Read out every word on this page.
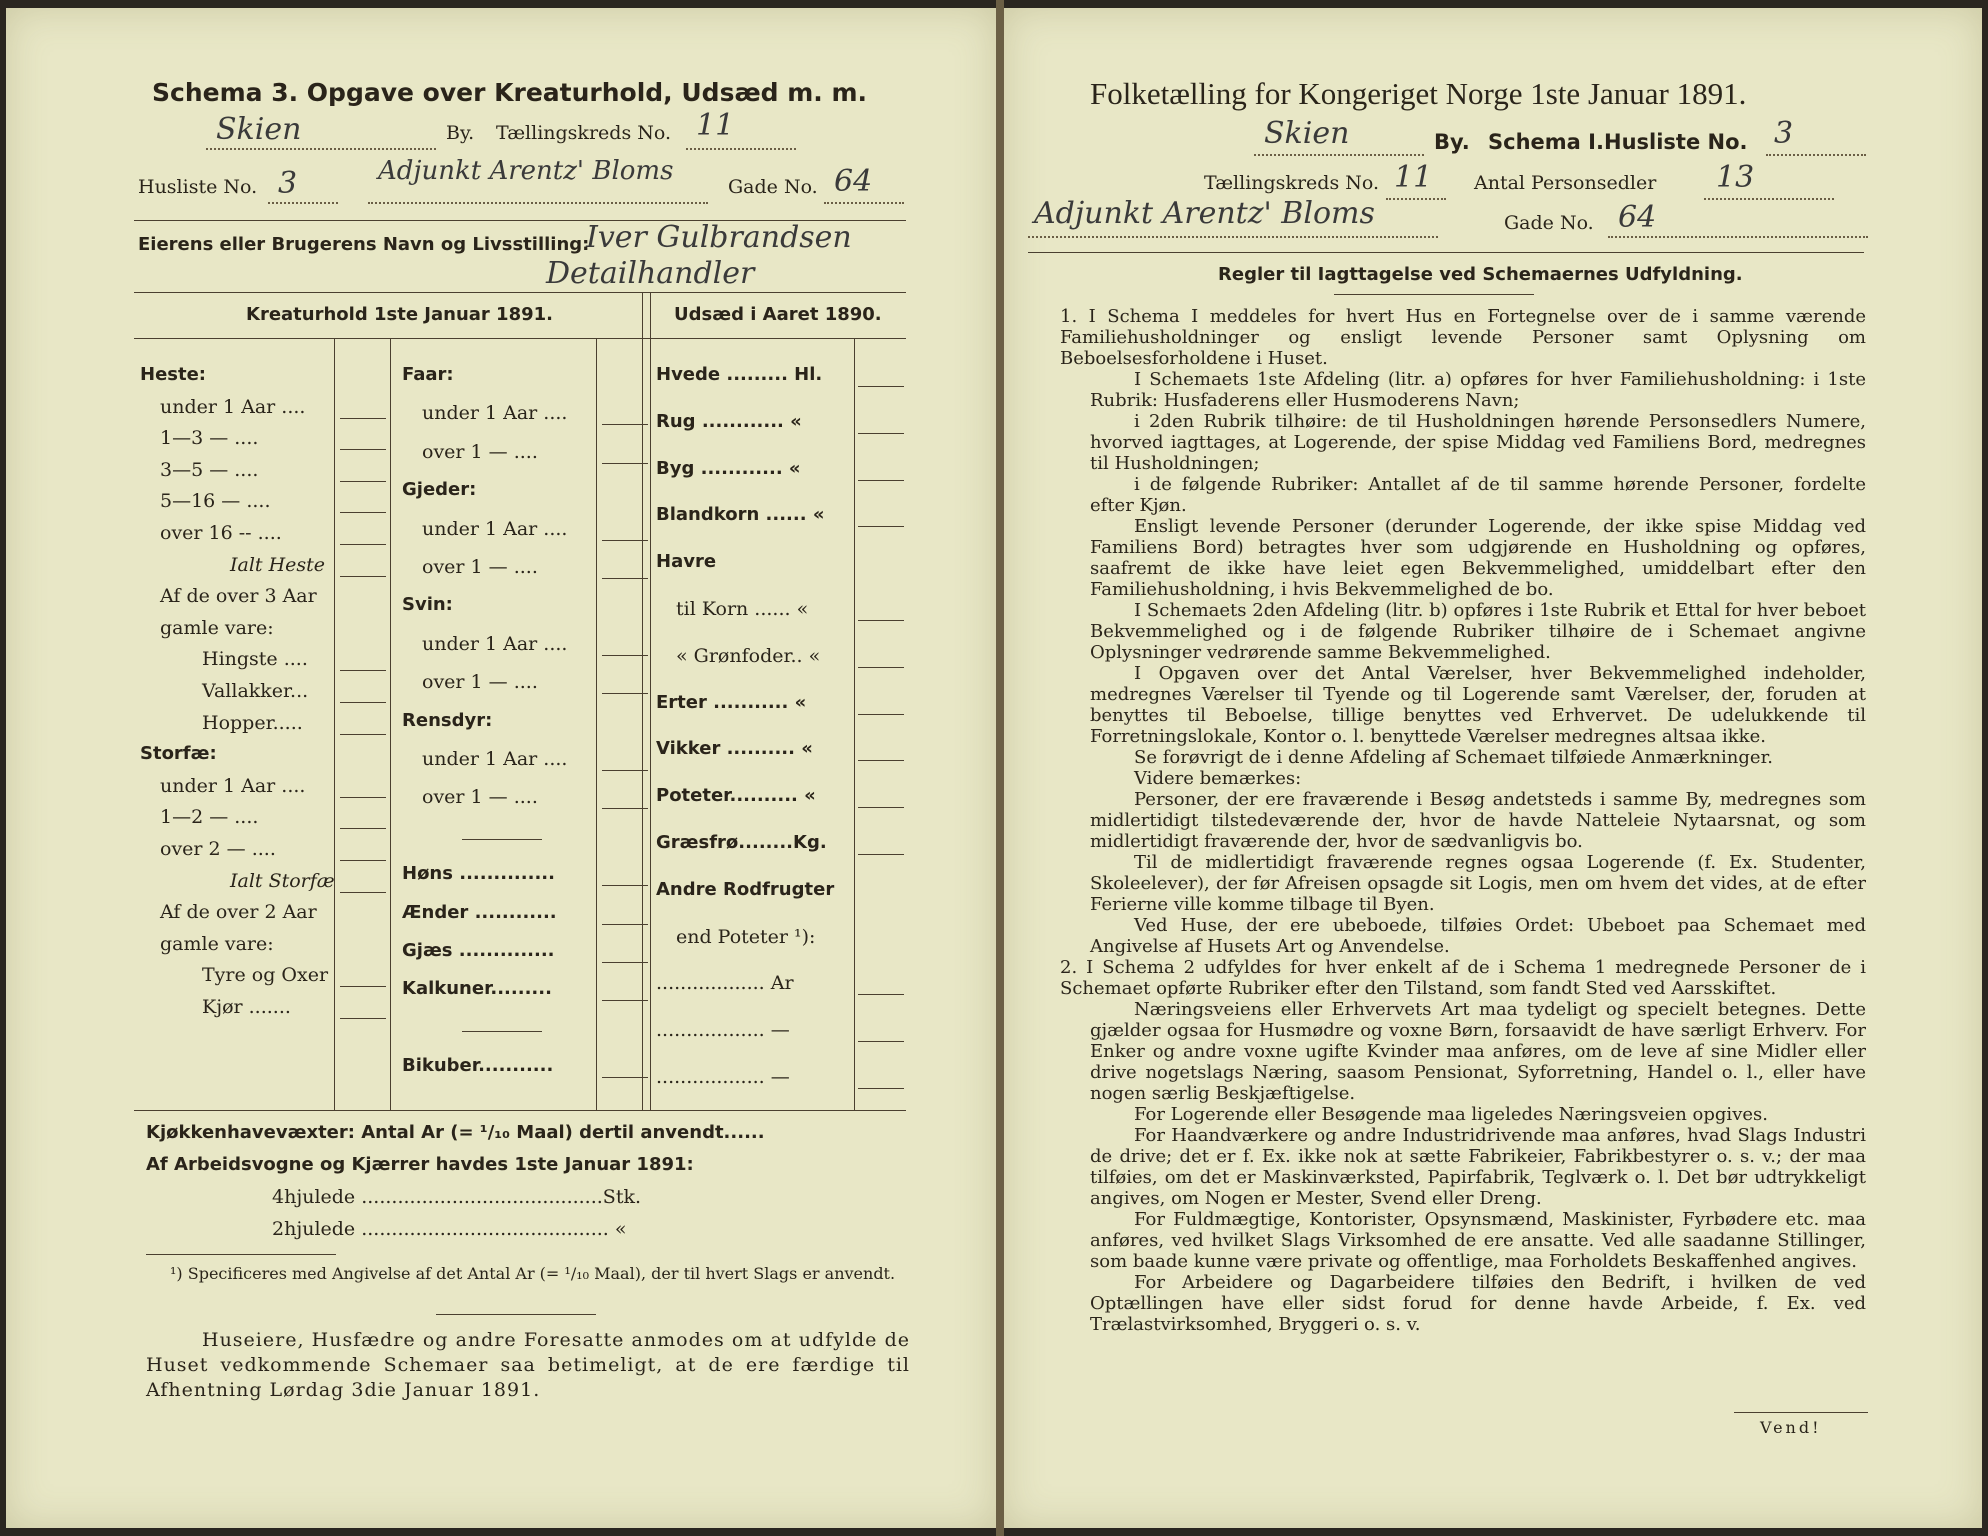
Schema 3. Opgave over Kreaturhold, Udsæd m. m.
Skien	By. Tællingskreds No. 11
Husliste No. 3	Adjunkt Arentz' Bloms
Gade No. 64
Eierens eller Brugerens Navn og Livsstilling:
Iver Gulbrandsen
Detailhandler
Kreaturhold 1ste Januar 1891.	Udsæd i Aaret 1890.
Heste:
under 1 Aar ....
1—3 — ....
3—5 — ....
5—16 — ....
over 16 -- ....
Ialt Heste
Af de over 3 Aar
gamle vare:
Hingste ....
Vallakker...
Hopper.....
Storfæ:
under 1 Aar ....
1—2 — ....
over 2 — ....
Ialt Storfæ
Af de over 2 Aar
gamle vare:
Tyre og Oxer
Kjør .......
Faar:
under 1 Aar ....
over 1 — ....
Gjeder:
under 1 Aar ....
over 1 — ....
Svin:
under 1 Aar ....
over 1 — ....
Rensdyr:
under 1 Aar ....
over 1 — ....
Høns ..............
Ænder ............
Gjæs ..............
Kalkuner.........
Bikuber...........
Hvede ......... Hl.
Rug ............ «
Byg ............ «
Blandkorn ...... «
Havre
til Korn ...... «
« Grønfoder.. «
Erter ........... «
Vikker .......... «
Poteter.......... «
Græsfrø........Kg.
Andre Rodfrugter
end Poteter ¹):
.................. Ar
.................. —
.................. —
Kjøkkenhavevæxter: Antal Ar (= ¹/₁₀ Maal) dertil anvendt......
Af Arbeidsvogne og Kjærrer havdes 1ste Januar 1891:
4hjulede ........................................Stk.
2hjulede ......................................... «
¹) Specificeres med Angivelse af det Antal Ar (= ¹/₁₀ Maal), der til hvert Slags er anvendt.
Huseiere, Husfædre og andre Foresatte anmodes om at udfylde de Huset vedkommende Schemaer saa betimeligt, at de ere færdige til Afhentning Lørdag 3die Januar 1891.
Folketælling for Kongeriget Norge 1ste Januar 1891.
Skien	By. Schema I. Husliste No. 3
Tællingskreds No. 11 Antal Personsedler 13
Adjunkt Arentz' Bloms	Gade No. 64
Regler til Iagttagelse ved Schemaernes Udfyldning.
1. I Schema I meddeles for hvert Hus en Fortegnelse over de i samme værende Familiehusholdninger og ensligt levende Personer samt Oplysning om Beboelsesforholdene i Huset.
I Schemaets 1ste Afdeling (litr. a) opføres for hver Familiehusholdning: i 1ste Rubrik: Husfaderens eller Husmoderens Navn;
i 2den Rubrik tilhøire: de til Husholdningen hørende Personsedlers Numere, hvorved iagttages, at Logerende, der spise Middag ved Familiens Bord, medregnes til Husholdningen;
i de følgende Rubriker: Antallet af de til samme hørende Personer, fordelte efter Kjøn.
Ensligt levende Personer (derunder Logerende, der ikke spise Middag ved Familiens Bord) betragtes hver som udgjørende en Husholdning og opføres, saafremt de ikke have leiet egen Bekvemmelighed, umiddelbart efter den Familiehusholdning, i hvis Bekvemmelighed de bo.
I Schemaets 2den Afdeling (litr. b) opføres i 1ste Rubrik et Ettal for hver beboet Bekvemmelighed og i de følgende Rubriker tilhøire de i Schemaet angivne Oplysninger vedrørende samme Bekvemmelighed.
I Opgaven over det Antal Værelser, hver Bekvemmelighed indeholder, medregnes Værelser til Tyende og til Logerende samt Værelser, der, foruden at benyttes til Beboelse, tillige benyttes ved Erhvervet. De udelukkende til Forretningslokale, Kontor o. l. benyttede Værelser medregnes altsaa ikke.
Se forøvrigt de i denne Afdeling af Schemaet tilføiede Anmærkninger.
Videre bemærkes:
Personer, der ere fraværende i Besøg andetsteds i samme By, medregnes som midlertidigt tilstedeværende der, hvor de havde Natteleie Nytaarsnat, og som midlertidigt fraværende der, hvor de sædvanligvis bo.
Til de midlertidigt fraværende regnes ogsaa Logerende (f. Ex. Studenter, Skoleelever), der før Afreisen opsagde sit Logis, men om hvem det vides, at de efter Ferierne ville komme tilbage til Byen.
Ved Huse, der ere ubeboede, tilføies Ordet: Ubeboet paa Schemaet med Angivelse af Husets Art og Anvendelse.
2. I Schema 2 udfyldes for hver enkelt af de i Schema 1 medregnede Personer de i Schemaet opførte Rubriker efter den Tilstand, som fandt Sted ved Aarsskiftet.
Næringsveiens eller Erhvervets Art maa tydeligt og specielt betegnes. Dette gjælder ogsaa for Husmødre og voxne Børn, forsaavidt de have særligt Erhverv. For Enker og andre voxne ugifte Kvinder maa anføres, om de leve af sine Midler eller drive nogetslags Næring, saasom Pensionat, Syforretning, Handel o. l., eller have nogen særlig Beskjæftigelse.
For Logerende eller Besøgende maa ligeledes Næringsveien opgives.
For Haandværkere og andre Industridrivende maa anføres, hvad Slags Industri de drive; det er f. Ex. ikke nok at sætte Fabrikeier, Fabrikbestyrer o. s. v.; der maa tilføies, om det er Maskinværksted, Papirfabrik, Teglværk o. l. Det bør udtrykkeligt angives, om Nogen er Mester, Svend eller Dreng.
For Fuldmægtige, Kontorister, Opsynsmænd, Maskinister, Fyrbødere etc. maa anføres, ved hvilket Slags Virksomhed de ere ansatte. Ved alle saadanne Stillinger, som baade kunne være private og offentlige, maa Forholdets Beskaffenhed angives.
For Arbeidere og Dagarbeidere tilføies den Bedrift, i hvilken de ved Optællingen have eller sidst forud for denne havde Arbeide, f. Ex. ved Trælastvirksomhed, Bryggeri o. s. v.
Vend!
